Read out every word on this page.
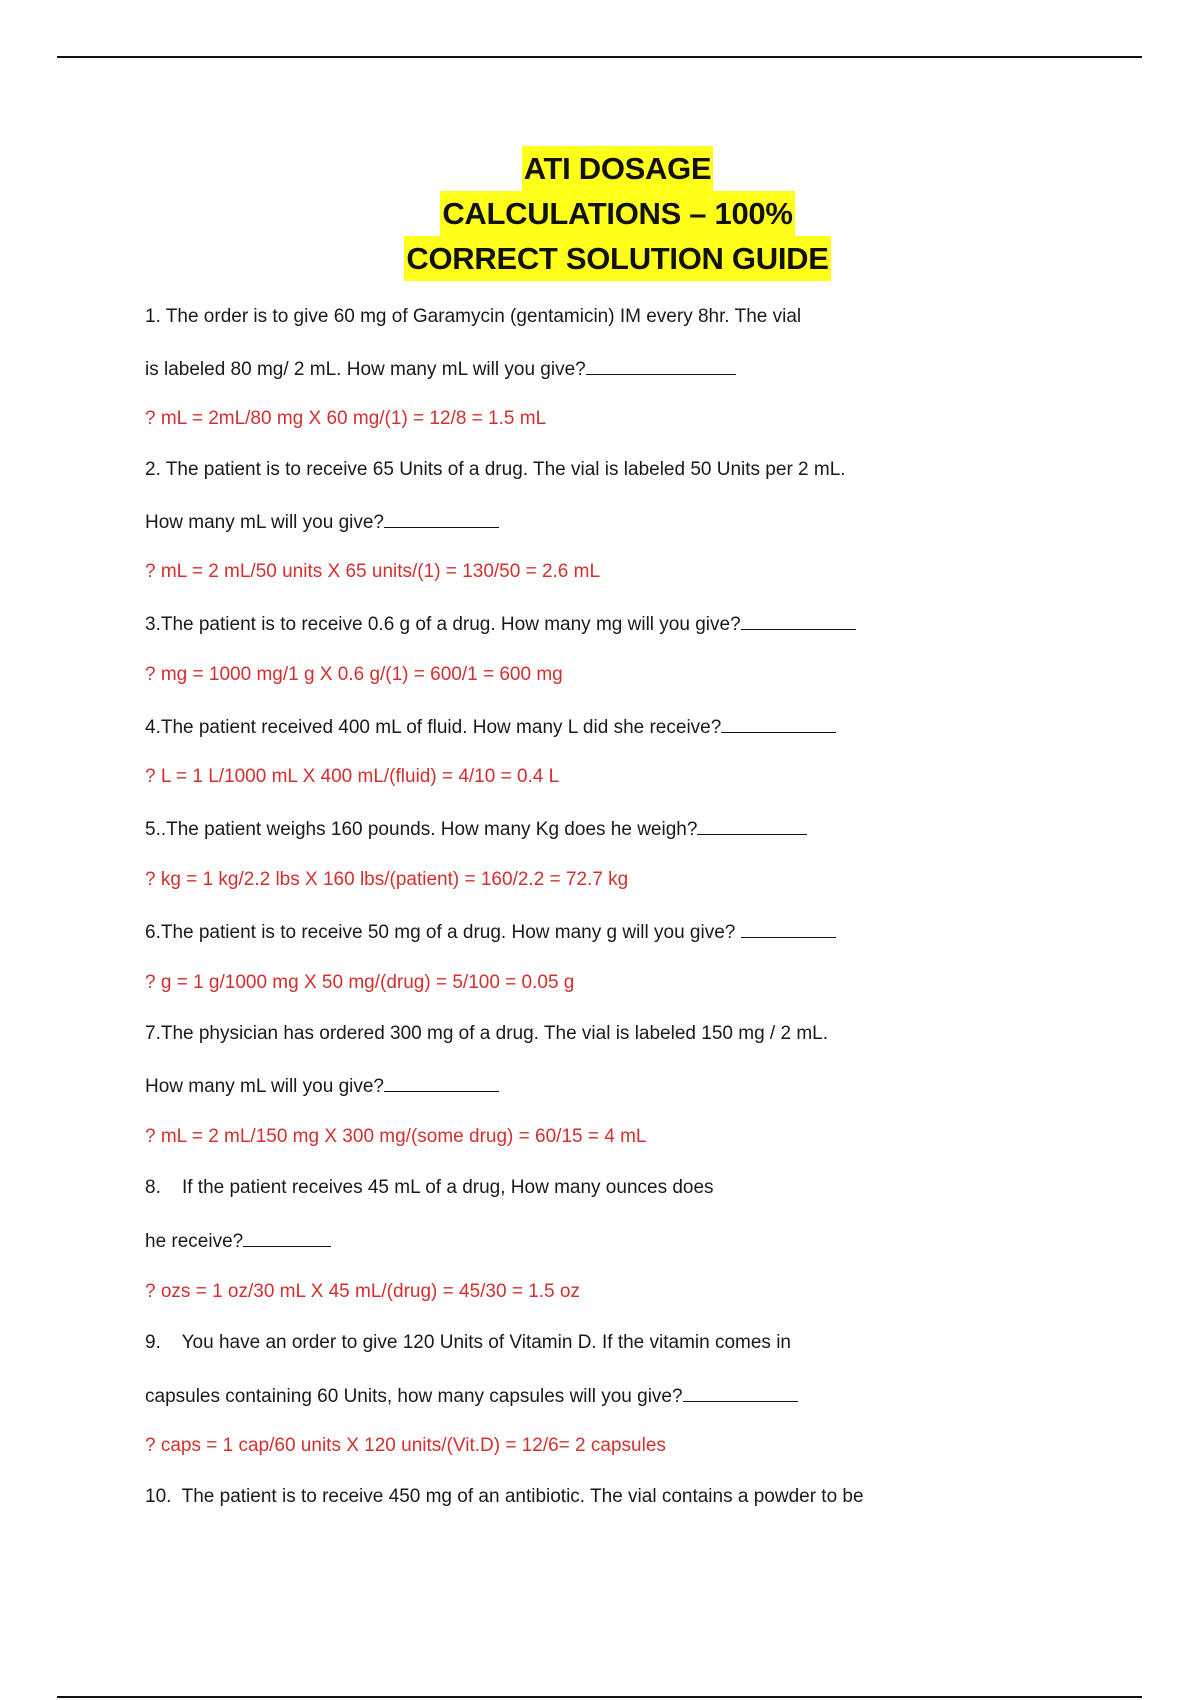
ATI DOSAGE
CALCULATIONS – 100%
CORRECT SOLUTION GUIDE
1. The order is to give 60 mg of Garamycin (gentamicin) IM every 8hr. The vial
is labeled 80 mg/ 2 mL. How many mL will you give?
? mL = 2mL/80 mg X 60 mg/(1) = 12/8 = 1.5 mL
2. The patient is to receive 65 Units of a drug. The vial is labeled 50 Units per 2 mL.
How many mL will you give?
? mL = 2 mL/50 units X 65 units/(1) = 130/50 = 2.6 mL
3.The patient is to receive 0.6 g of a drug. How many mg will you give?
? mg = 1000 mg/1 g X 0.6 g/(1) = 600/1 = 600 mg
4.The patient received 400 mL of fluid. How many L did she receive?
? L = 1 L/1000 mL X 400 mL/(fluid) = 4/10 = 0.4 L
5..The patient weighs 160 pounds. How many Kg does he weigh?
? kg = 1 kg/2.2 lbs X 160 lbs/(patient) = 160/2.2 = 72.7 kg
6.The patient is to receive 50 mg of a drug. How many g will you give?
? g = 1 g/1000 mg X 50 mg/(drug) = 5/100 = 0.05 g
7.The physician has ordered 300 mg of a drug. The vial is labeled 150 mg / 2 mL.
How many mL will you give?
? mL = 2 mL/150 mg X 300 mg/(some drug) = 60/15 = 4 mL
8.    If the patient receives 45 mL of a drug, How many ounces does
he receive?
? ozs = 1 oz/30 mL X 45 mL/(drug) = 45/30 = 1.5 oz
9.    You have an order to give 120 Units of Vitamin D. If the vitamin comes in
capsules containing 60 Units, how many capsules will you give?
? caps = 1 cap/60 units X 120 units/(Vit.D) = 12/6= 2 capsules
10.  The patient is to receive 450 mg of an antibiotic. The vial contains a powder to be
